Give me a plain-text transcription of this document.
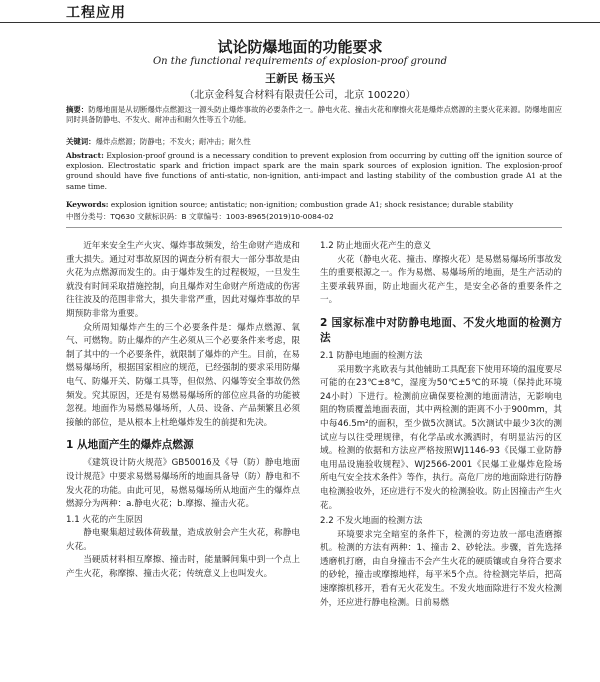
工程应用
试论防爆地面的功能要求
On the functional requirements of explosion-proof ground
王新民 杨玉兴
（北京金科复合材料有限责任公司，北京 100220）
摘要：防爆地面是从切断爆炸点燃源这一源头防止爆炸事故的必要条件之一。静电火花、撞击火花和摩擦火花是爆炸点燃源的主要火花来源。防爆地面应同时具备防静电、不发火、耐冲击和耐久性等五个功能。
关键词：爆炸点燃源；防静电；不发火；耐冲击；耐久性
Abstract: Explosion-proof ground is a necessary condition to prevent explosion from occurring by cutting off the ignition source of explosion. Electrostatic spark and friction impact spark are the main spark sources of explosion ignition. The explosion-proof ground should have five functions of anti-static, non-ignition, anti-impact and lasting stability of the combustion grade A1 at the same time.
Keywords: explosion ignition source; antistatic; non-ignition; combustion grade A1; shock resistance; durable stability
中图分类号：TQ630 文献标识码：B 文章编号：1003-8965(2019)10-0084-02

近年来安全生产火灾、爆炸事故频发，给生命财产造成和重大损失。通过对事故原因的调查分析有很大一部分事故是由火花为点燃源而发生的。由于爆炸发生的过程极短，一旦发生就没有时间采取措施控制，向且爆炸对生命财产所造成的伤害往往波及的范围非常大，损失非常严重，因此对爆炸事故的早期预防非常为重要。

众所周知爆炸产生的三个必要条件是：爆炸点燃源、氧气、可燃物。防止爆炸的产生必须从三个必要条件来考虑，限制了其中的一个必要条件，就限制了爆炸的产生。目前，在易燃易爆场所，根据国家相应的规范，已经强制的要求采用防爆电气、防爆开关、防爆工具等，但似然、闪爆等安全事故仍然频发。究其原因，还是有易燃易爆场所的部位应具备的功能被忽视。地面作为易燃易爆场所，人员、设备、产品频繁且必须接触的部位，是从根本上杜绝爆炸发生的前提和先决。

1 从地面产生的爆炸点燃源

《建筑设计防火规范》GB50016及《导（防）静电地面设计规范》中要求易燃易爆场所的地面具备导（防）静电和不发火花的功能。由此可见，易燃易爆场所从地面产生的爆炸点燃源分为两种：a.静电火花；b.摩擦、撞击火花。

1.1 火花的产生原因

静电聚集超过载体荷载量，造成放射会产生火花，称静电火花。

当硬质材料相互摩擦、撞击时，能量瞬间集中到一个点上产生火花，称摩擦、撞击火花；传统意义上也叫发火。

1.2 防止地面火花产生的意义

火花（静电火花、撞击、摩擦火花）是易燃易爆场所事故发生的重要根源之一。作为易燃、易爆场所的地面，是生产活动的主要承载界面，防止地面火花产生，是安全必备的重要条件之一。

2 国家标准中对防静电地面、不发火地面的检测方法
2.1 防静电地面的检测方法

采用数字兆欧表与其他辅助工具配套下使用环境的温度要尽可能的在23℃±8℃，湿度为50℃±5℃的环境（保持此环境24小时）下进行。检测前应确保要检测的地面清洁，无影响电阻的物质覆盖地面表面，其中两检测的距离不小于900mm，其中每46.5m²的面积，至少做5次测试。5次测试中最少3次的测试应与以往受理规律，有化学品或水溅洒时，有明显沾污的区域。检测的依据和方法应严格按照WJ1146-93《民爆工业防静电用品设施验收规程》、WJ2566-2001《民爆工业爆炸危险场所电气安全技术条件》等作，执行。高危厂房的地面除进行防静电检测验收外，还应进行不发火的检测验收。防止因撞击产生火花。

2.2 不发火地面的检测方法

环境要求完全暗室的条件下，检测的旁边放一部电渣磨擦机。检测的方法有两种：1、撞击 2、砂轮法。步骤，首先选择透磨机打磨，由自身撞击不会产生火花的硬质镶或自身符合要求的砂轮，撞击或摩擦地样，每平米5个点。待检测完毕后，把高速摩擦机移开，看有无火花发生。不发火地面除进行不发火检测外，还应进行静电检测。日前易燃
